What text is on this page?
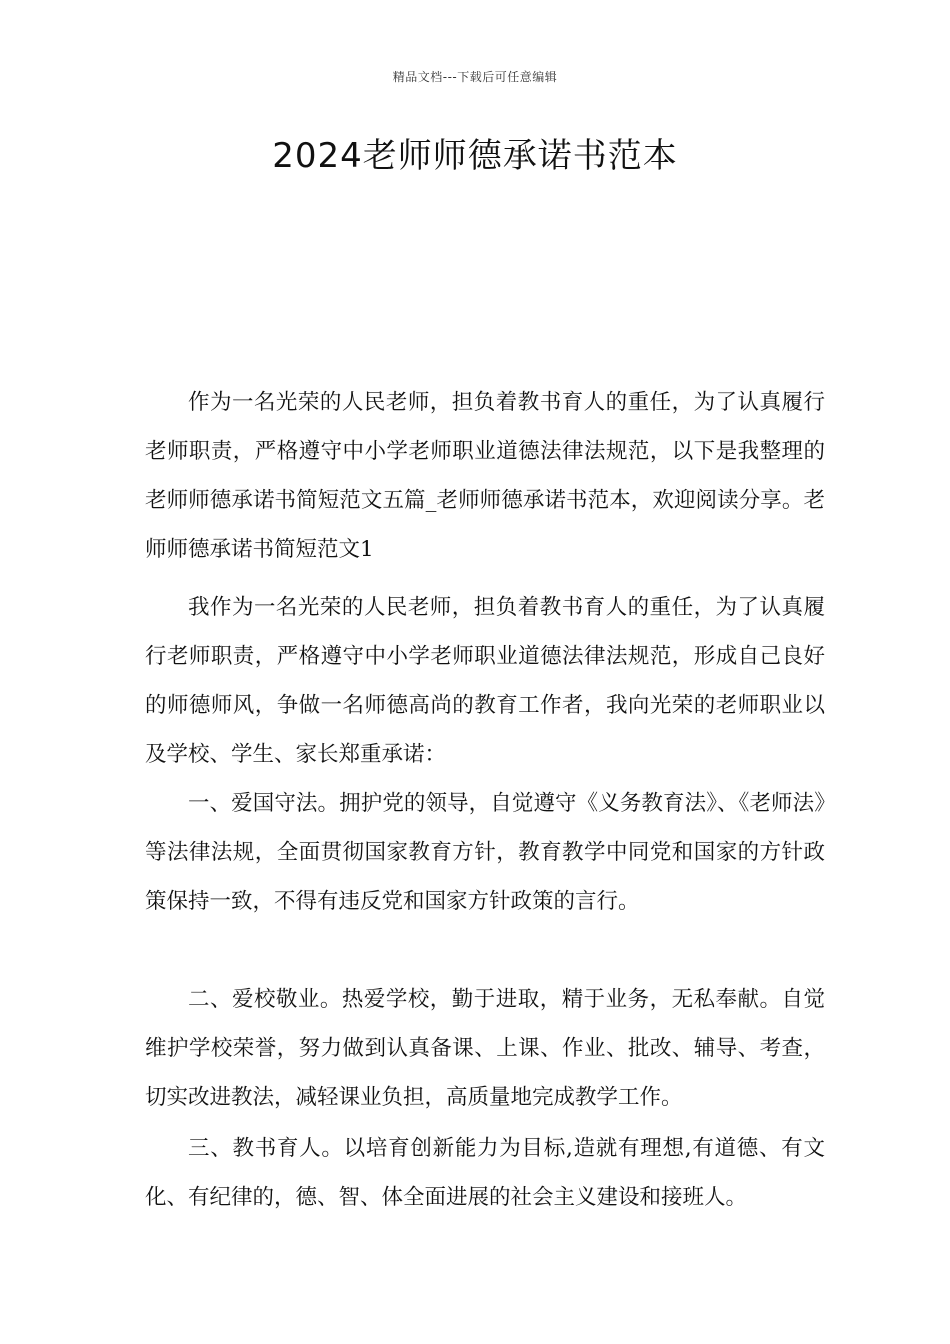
精品文档---下载后可任意编辑
2024老师师德承诺书范本

作为一名光荣的人民老师，担负着教书育人的重任，为了认真履行老师职责，严格遵守中小学老师职业道德法律法规范，以下是我整理的老师师德承诺书简短范文五篇_老师师德承诺书范本，欢迎阅读分享。老师师德承诺书简短范文1

我作为一名光荣的人民老师，担负着教书育人的重任，为了认真履行老师职责，严格遵守中小学老师职业道德法律法规范，形成自己良好的师德师风，争做一名师德高尚的教育工作者，我向光荣的老师职业以及学校、学生、家长郑重承诺：

一、爱国守法。拥护党的领导，自觉遵守《义务教育法》、《老师法》等法律法规，全面贯彻国家教育方针，教育教学中同党和国家的方针政策保持一致，不得有违反党和国家方针政策的言行。

二、爱校敬业。热爱学校，勤于进取，精于业务，无私奉献。自觉维护学校荣誉，努力做到认真备课、上课、作业、批改、辅导、考查，切实改进教法，减轻课业负担，高质量地完成教学工作。

三、教书育人。以培育创新能力为目标,造就有理想,有道德、有文化、有纪律的，德、智、体全面进展的社会主义建设和接班人。
